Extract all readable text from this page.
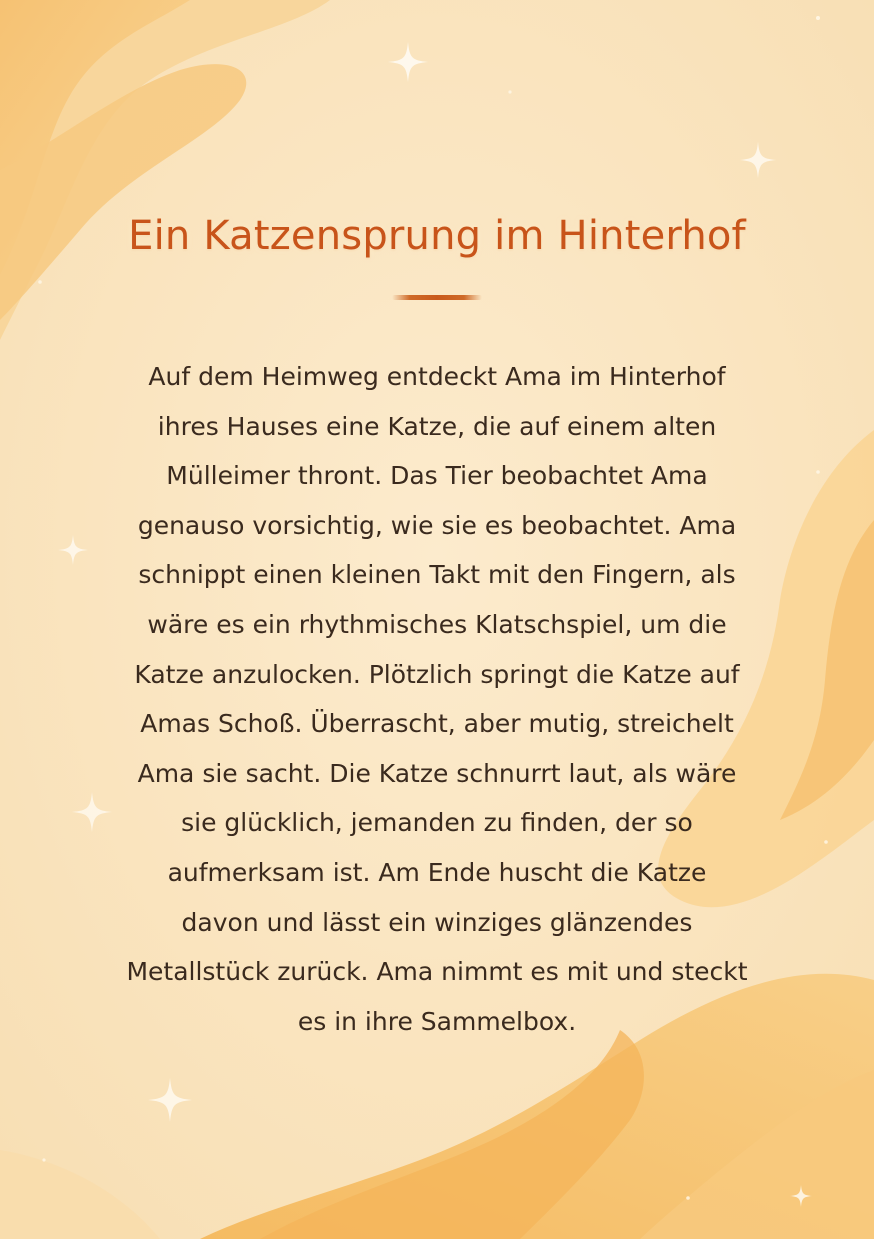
Ein Katzensprung im Hinterhof
Auf dem Heimweg entdeckt Ama im Hinterhof
ihres Hauses eine Katze, die auf einem alten
Mülleimer thront. Das Tier beobachtet Ama
genauso vorsichtig, wie sie es beobachtet. Ama
schnippt einen kleinen Takt mit den Fingern, als
wäre es ein rhythmisches Klatschspiel, um die
Katze anzulocken. Plötzlich springt die Katze auf
Amas Schoß. Überrascht, aber mutig, streichelt
Ama sie sacht. Die Katze schnurrt laut, als wäre
sie glücklich, jemanden zu finden, der so
aufmerksam ist. Am Ende huscht die Katze
davon und lässt ein winziges glänzendes
Metallstück zurück. Ama nimmt es mit und steckt
es in ihre Sammelbox.
